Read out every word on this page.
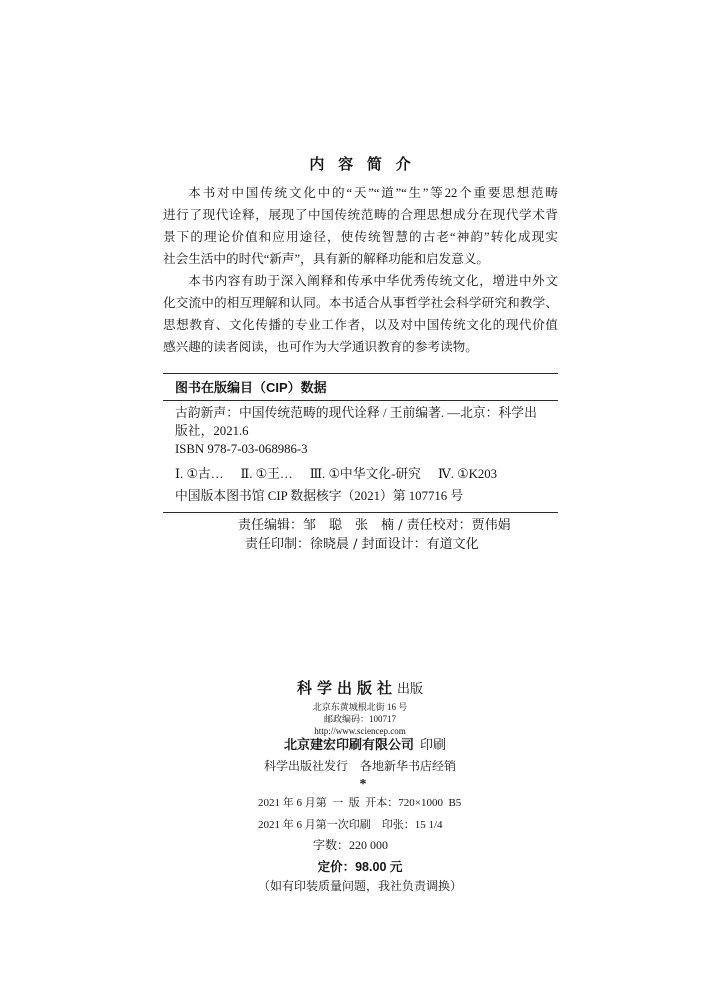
内 容 简 介
本书对中国传统文化中的“天”“道”“生”等22个重要思想范畴
进行了现代诠释，展现了中国传统范畴的合理思想成分在现代学术背
景下的理论价值和应用途径，使传统智慧的古老“神韵”转化成现实
社会生活中的时代“新声”，具有新的解释功能和启发意义。
本书内容有助于深入阐释和传承中华优秀传统文化，增进中外文
化交流中的相互理解和认同。本书适合从事哲学社会科学研究和教学、
思想教育、文化传播的专业工作者，以及对中国传统文化的现代价值
感兴趣的读者阅读，也可作为大学通识教育的参考读物。
图书在版编目（CIP）数据
古韵新声：中国传统范畴的现代诠释 / 王前编著. —北京：科学出
版社，2021.6
ISBN 978-7-03-068986-3
Ⅰ. ①古… Ⅱ. ①王… Ⅲ. ①中华文化-研究 Ⅳ. ①K203
中国版本图书馆 CIP 数据核字（2021）第 107716 号
责任编辑：邹　聪　张　楠 / 责任校对：贾伟娟
责任印制：徐晓晨 / 封面设计：有道文化
科学出版社出版
北京东黄城根北街 16 号
邮政编码：100717
http://www.sciencep.com
北京建宏印刷有限公司 印刷
科学出版社发行　各地新华书店经销
*
2021 年 6 月第 一 版 开本：720×1000 B5
2021 年 6 月第一次印刷　印张：15 1/4
字数：220 000
定价：98.00 元
（如有印装质量问题，我社负责调换）
